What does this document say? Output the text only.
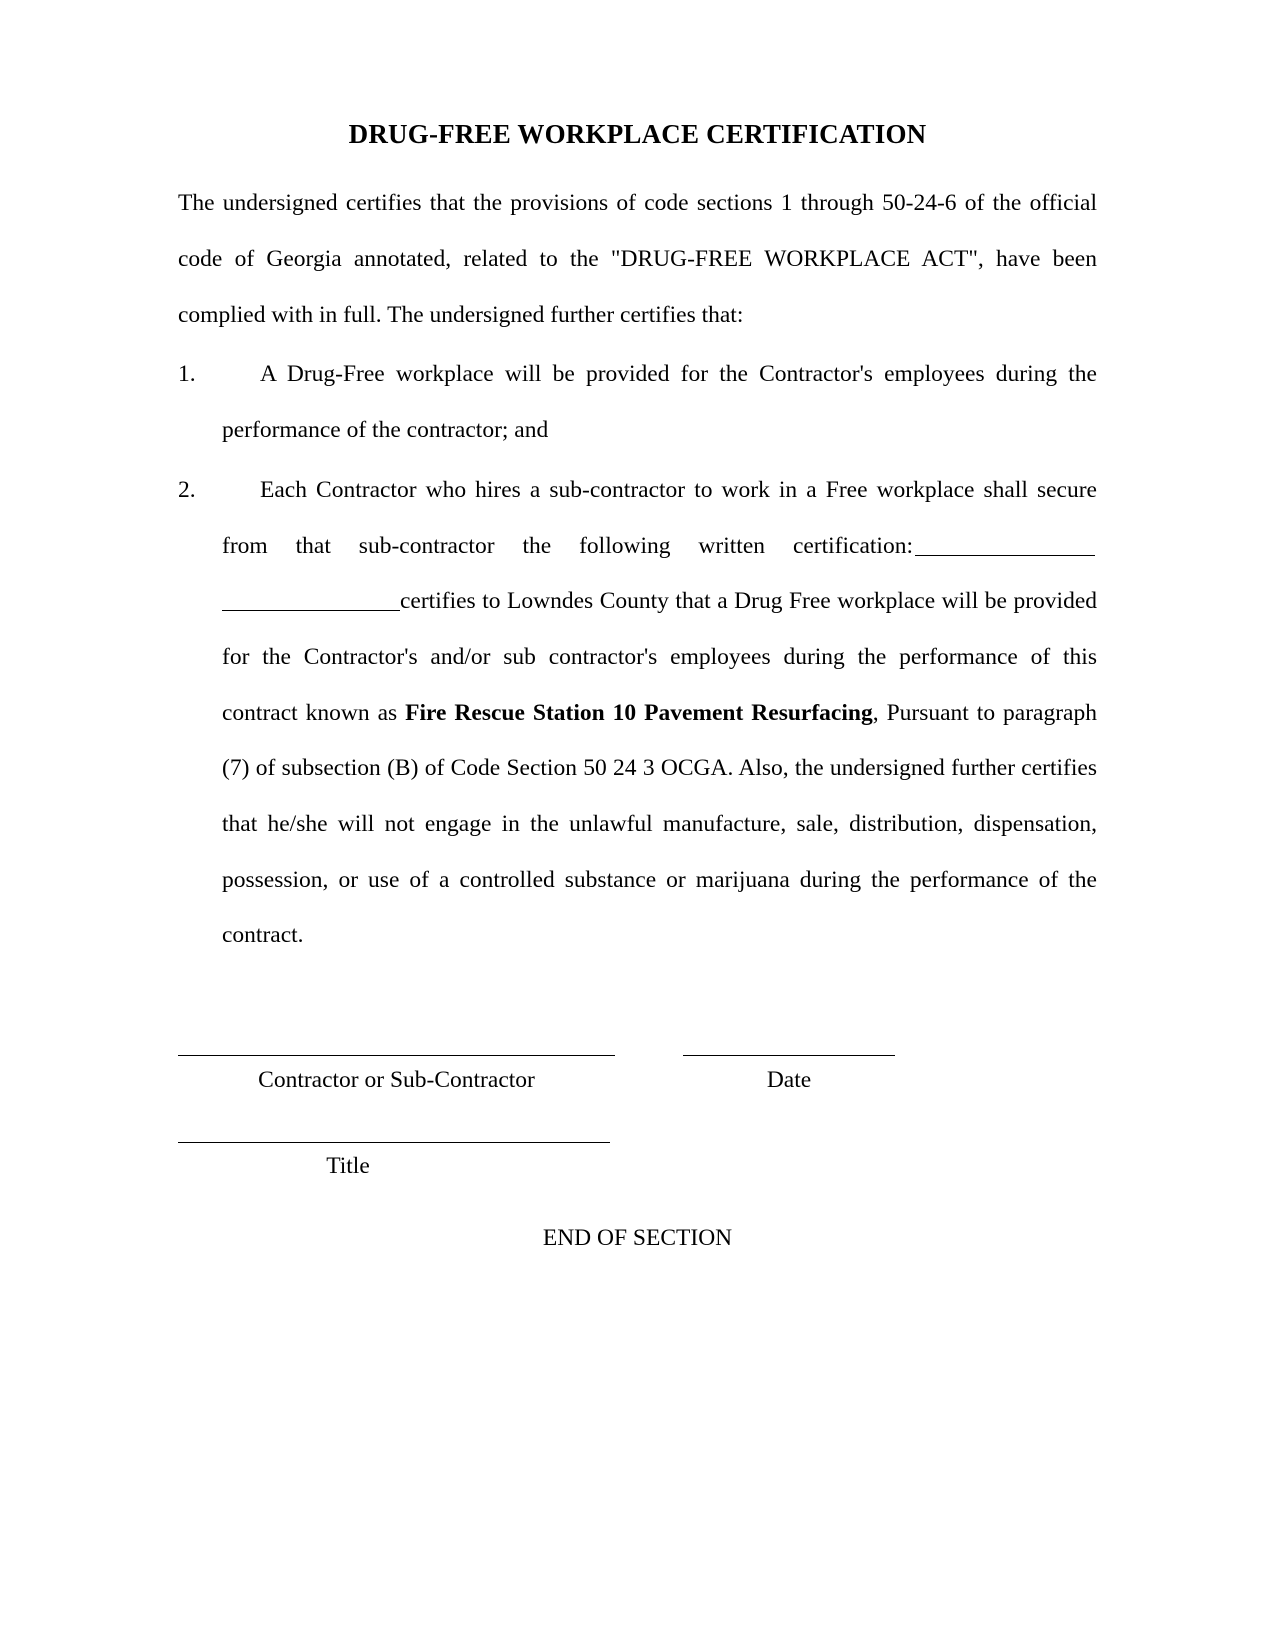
DRUG-FREE WORKPLACE CERTIFICATION

The undersigned certifies that the provisions of code sections 1 through 50-24-6 of the official code of Georgia annotated, related to the "DRUG-FREE WORKPLACE ACT", have been complied with in full. The undersigned further certifies that:

1.	A Drug-Free workplace will be provided for the Contractor's employees during the performance of the contractor; and
2.	Each Contractor who hires a sub-contractor to work in a Free workplace shall secure from that sub-contractor the following written certification:certifies to Lowndes County that a Drug Free workplace will be provided for the Contractor's and/or sub contractor's employees during the performance of this contract known as Fire Rescue Station 10 Pavement Resurfacing, Pursuant to paragraph (7) of subsection (B) of Code Section 50 24 3 OCGA. Also, the undersigned further certifies that he/she will not engage in the unlawful manufacture, sale, distribution, dispensation, possession, or use of a controlled substance or marijuana during the performance of the contract.
Contractor or Sub-Contractor	Date
Title
END OF SECTION
